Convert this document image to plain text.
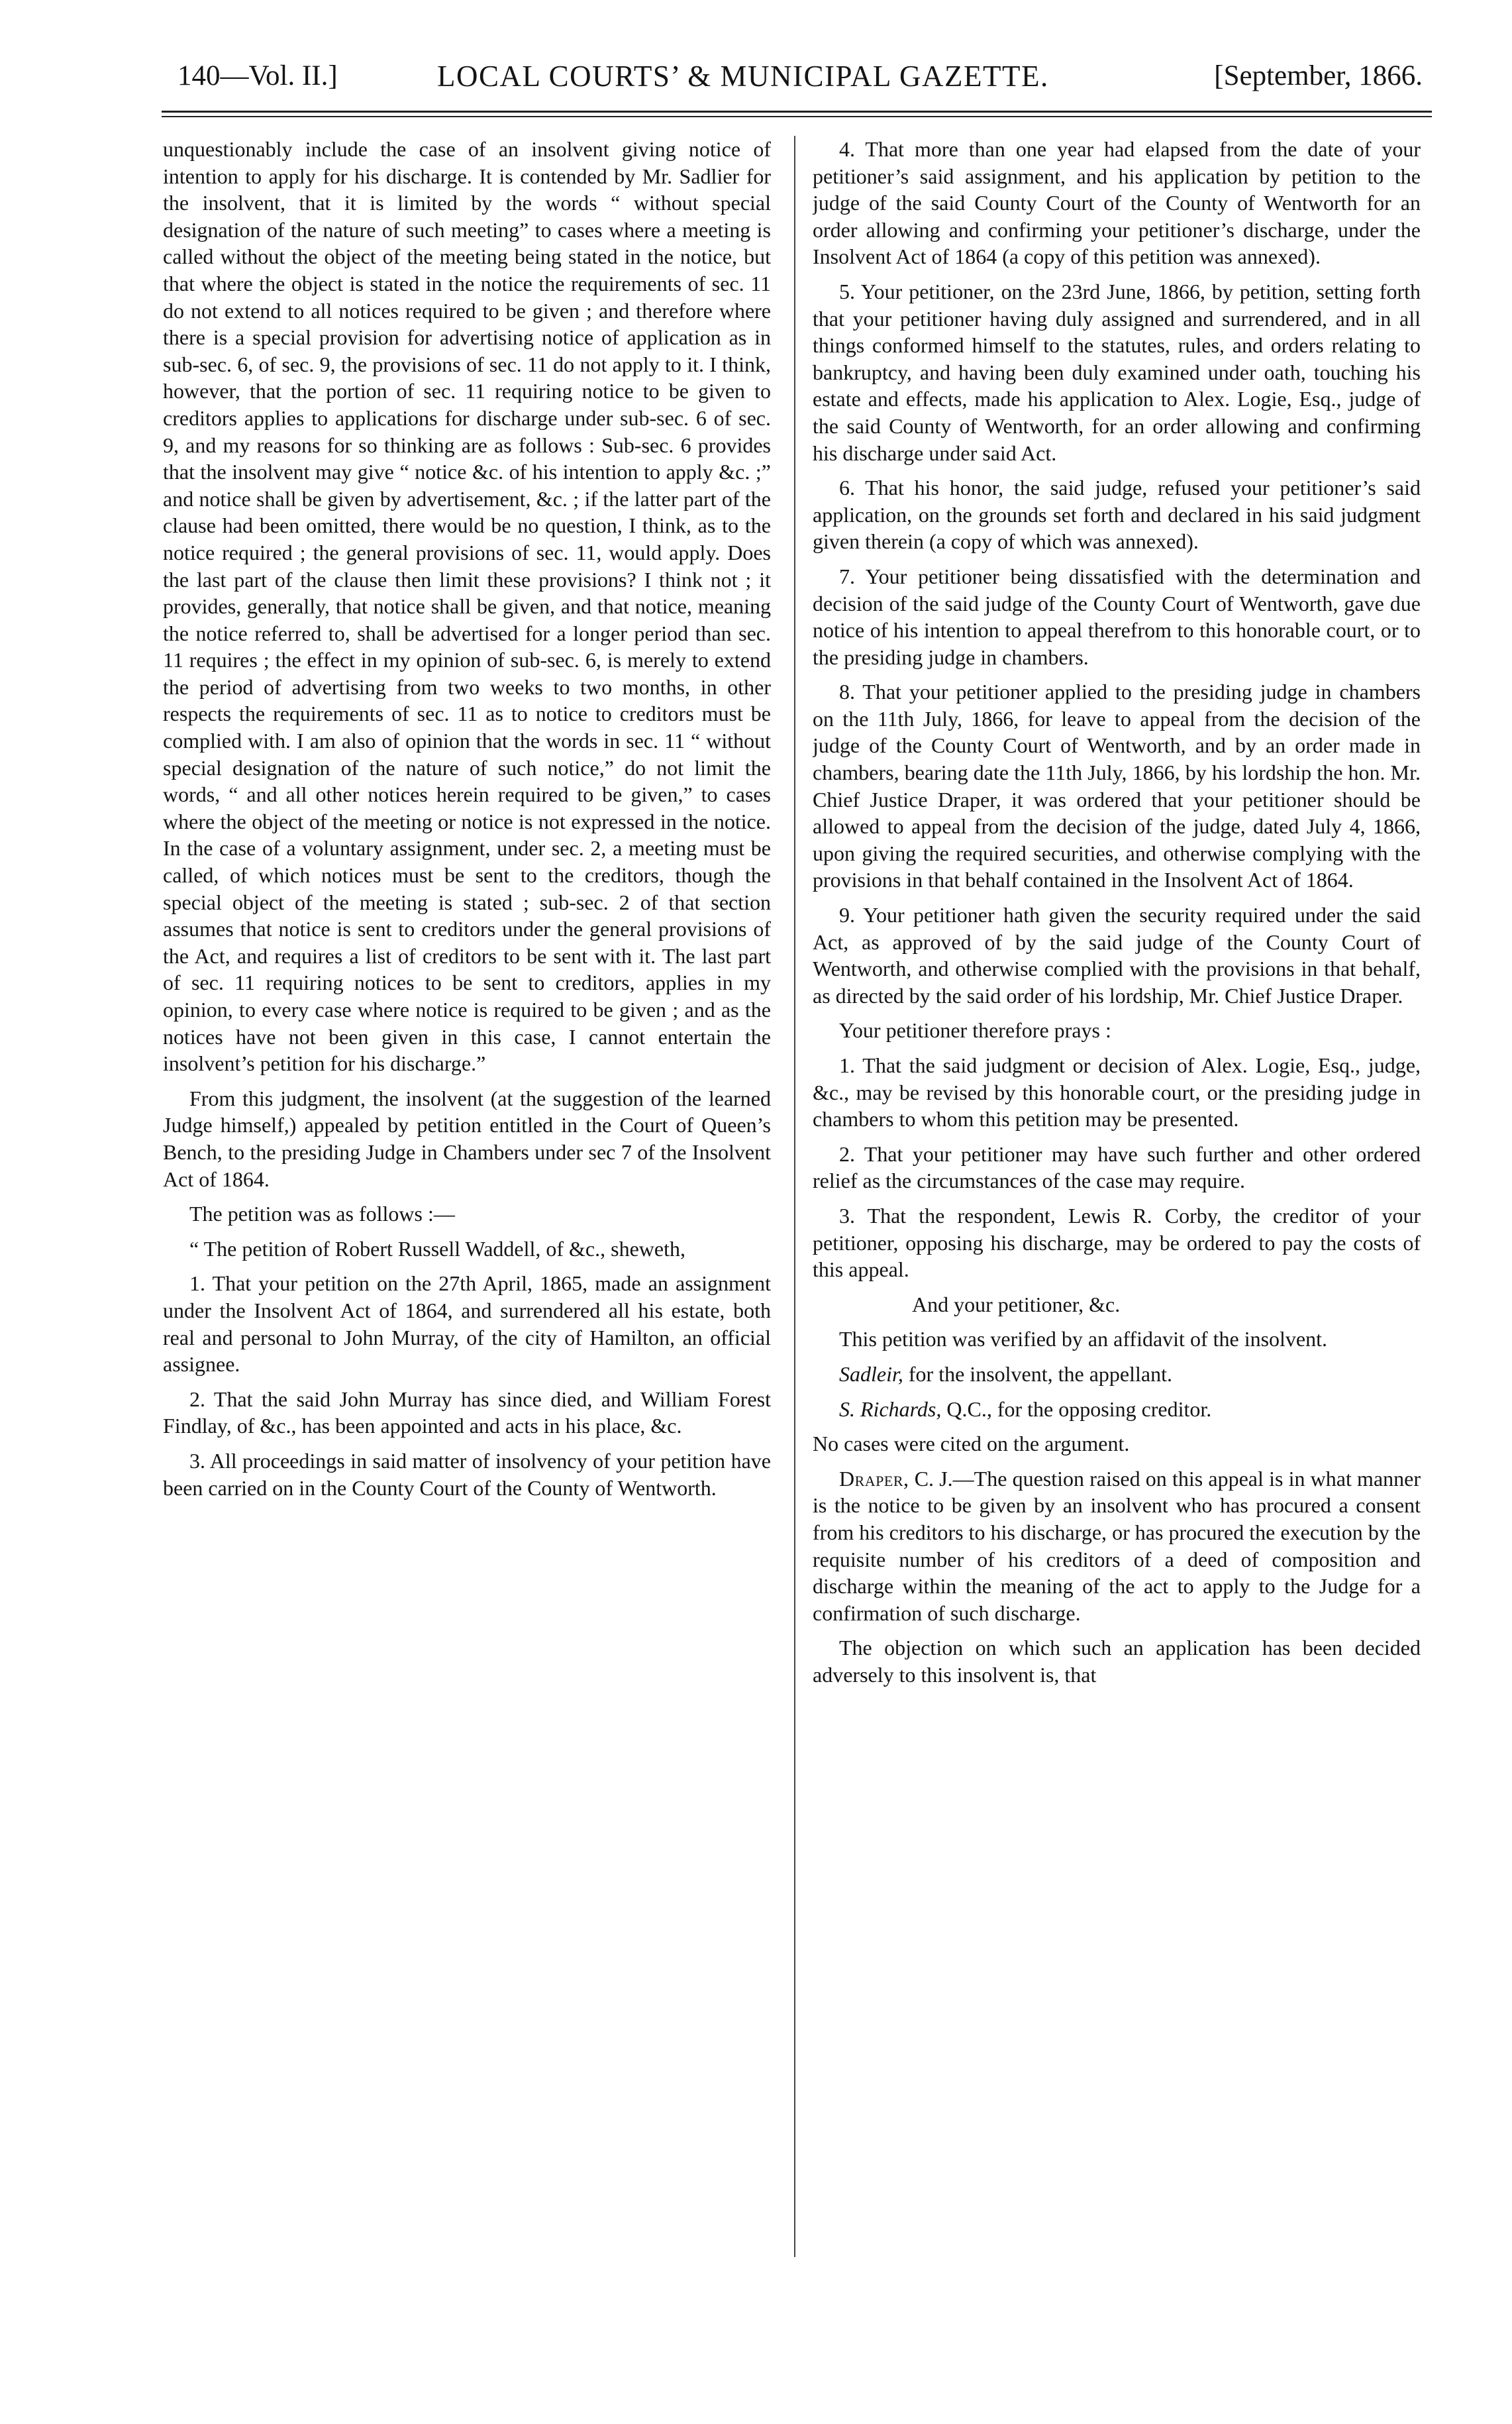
140—Vol. II.]	LOCAL COURTS’ & MUNICIPAL GAZETTE.	[September, 1866.

unquestionably include the case of an insolvent giving notice of intention to apply for his discharge. It is contended by Mr. Sadlier for the insolvent, that it is limited by the words “ without special designation of the nature of such meeting” to cases where a meeting is called without the object of the meeting being stated in the notice, but that where the object is stated in the notice the requirements of sec. 11 do not extend to all notices required to be given ; and therefore where there is a special provision for advertising notice of application as in sub-sec. 6, of sec. 9, the provisions of sec. 11 do not apply to it. I think, however, that the portion of sec. 11 requiring notice to be given to creditors applies to applications for discharge under sub-sec. 6 of sec. 9, and my reasons for so thinking are as follows : Sub-sec. 6 provides that the insolvent may give “ notice &c. of his intention to apply &c. ;” and notice shall be given by advertisement, &c. ; if the latter part of the clause had been omitted, there would be no question, I think, as to the notice required ; the general provisions of sec. 11, would apply. Does the last part of the clause then limit these provisions? I think not ; it provides, generally, that notice shall be given, and that notice, meaning the notice referred to, shall be advertised for a longer period than sec. 11 requires ; the effect in my opinion of sub-sec. 6, is merely to extend the period of advertising from two weeks to two months, in other respects the requirements of sec. 11 as to notice to creditors must be complied with. I am also of opinion that the words in sec. 11 “ without special designation of the nature of such notice,” do not limit the words, “ and all other notices herein required to be given,” to cases where the object of the meeting or notice is not expressed in the notice. In the case of a voluntary assignment, under sec. 2, a meeting must be called, of which notices must be sent to the creditors, though the special object of the meeting is stated ; sub-sec. 2 of that section assumes that notice is sent to creditors under the general provisions of the Act, and requires a list of creditors to be sent with it. The last part of sec. 11 requiring notices to be sent to creditors, applies in my opinion, to every case where notice is required to be given ; and as the notices have not been given in this case, I cannot entertain the insolvent’s petition for his discharge.”

From this judgment, the insolvent (at the suggestion of the learned Judge himself,) appealed by petition entitled in the Court of Queen’s Bench, to the presiding Judge in Chambers under sec 7 of the Insolvent Act of 1864.

The petition was as follows :—

“ The petition of Robert Russell Waddell, of &c., sheweth,

1. That your petition on the 27th April, 1865, made an assignment under the Insolvent Act of 1864, and surrendered all his estate, both real and personal to John Murray, of the city of Hamilton, an official assignee.

2. That the said John Murray has since died, and William Forest Findlay, of &c., has been appointed and acts in his place, &c.

3. All proceedings in said matter of insolvency of your petition have been carried on in the County Court of the County of Wentworth.

4. That more than one year had elapsed from the date of your petitioner’s said assignment, and his application by petition to the judge of the said County Court of the County of Wentworth for an order allowing and confirming your petitioner’s discharge, under the Insolvent Act of 1864 (a copy of this petition was annexed).

5. Your petitioner, on the 23rd June, 1866, by petition, setting forth that your petitioner having duly assigned and surrendered, and in all things conformed himself to the statutes, rules, and orders relating to bankruptcy, and having been duly examined under oath, touching his estate and effects, made his application to Alex. Logie, Esq., judge of the said County of Wentworth, for an order allowing and confirming his discharge under said Act.

6. That his honor, the said judge, refused your petitioner’s said application, on the grounds set forth and declared in his said judgment given therein (a copy of which was annexed).

7. Your petitioner being dissatisfied with the determination and decision of the said judge of the County Court of Wentworth, gave due notice of his intention to appeal therefrom to this honorable court, or to the presiding judge in chambers.

8. That your petitioner applied to the presiding judge in chambers on the 11th July, 1866, for leave to appeal from the decision of the judge of the County Court of Wentworth, and by an order made in chambers, bearing date the 11th July, 1866, by his lordship the hon. Mr. Chief Justice Draper, it was ordered that your petitioner should be allowed to appeal from the decision of the judge, dated July 4, 1866, upon giving the required securities, and otherwise complying with the provisions in that behalf contained in the Insolvent Act of 1864.

9. Your petitioner hath given the security required under the said Act, as approved of by the said judge of the County Court of Wentworth, and otherwise complied with the provisions in that behalf, as directed by the said order of his lordship, Mr. Chief Justice Draper.

Your petitioner therefore prays :

1. That the said judgment or decision of Alex. Logie, Esq., judge, &c., may be revised by this honorable court, or the presiding judge in chambers to whom this petition may be presented.

2. That your petitioner may have such further and other ordered relief as the circumstances of the case may require.

3. That the respondent, Lewis R. Corby, the creditor of your petitioner, opposing his discharge, may be ordered to pay the costs of this appeal.

And your petitioner, &c.

This petition was verified by an affidavit of the insolvent.

Sadleir, for the insolvent, the appellant.

S. Richards, Q.C., for the opposing creditor.

No cases were cited on the argument.

Draper, C. J.—The question raised on this appeal is in what manner is the notice to be given by an insolvent who has procured a consent from his creditors to his discharge, or has procured the execution by the requisite number of his creditors of a deed of composition and discharge within the meaning of the act to apply to the Judge for a confirmation of such discharge.

The objection on which such an application has been decided adversely to this insolvent is, that
